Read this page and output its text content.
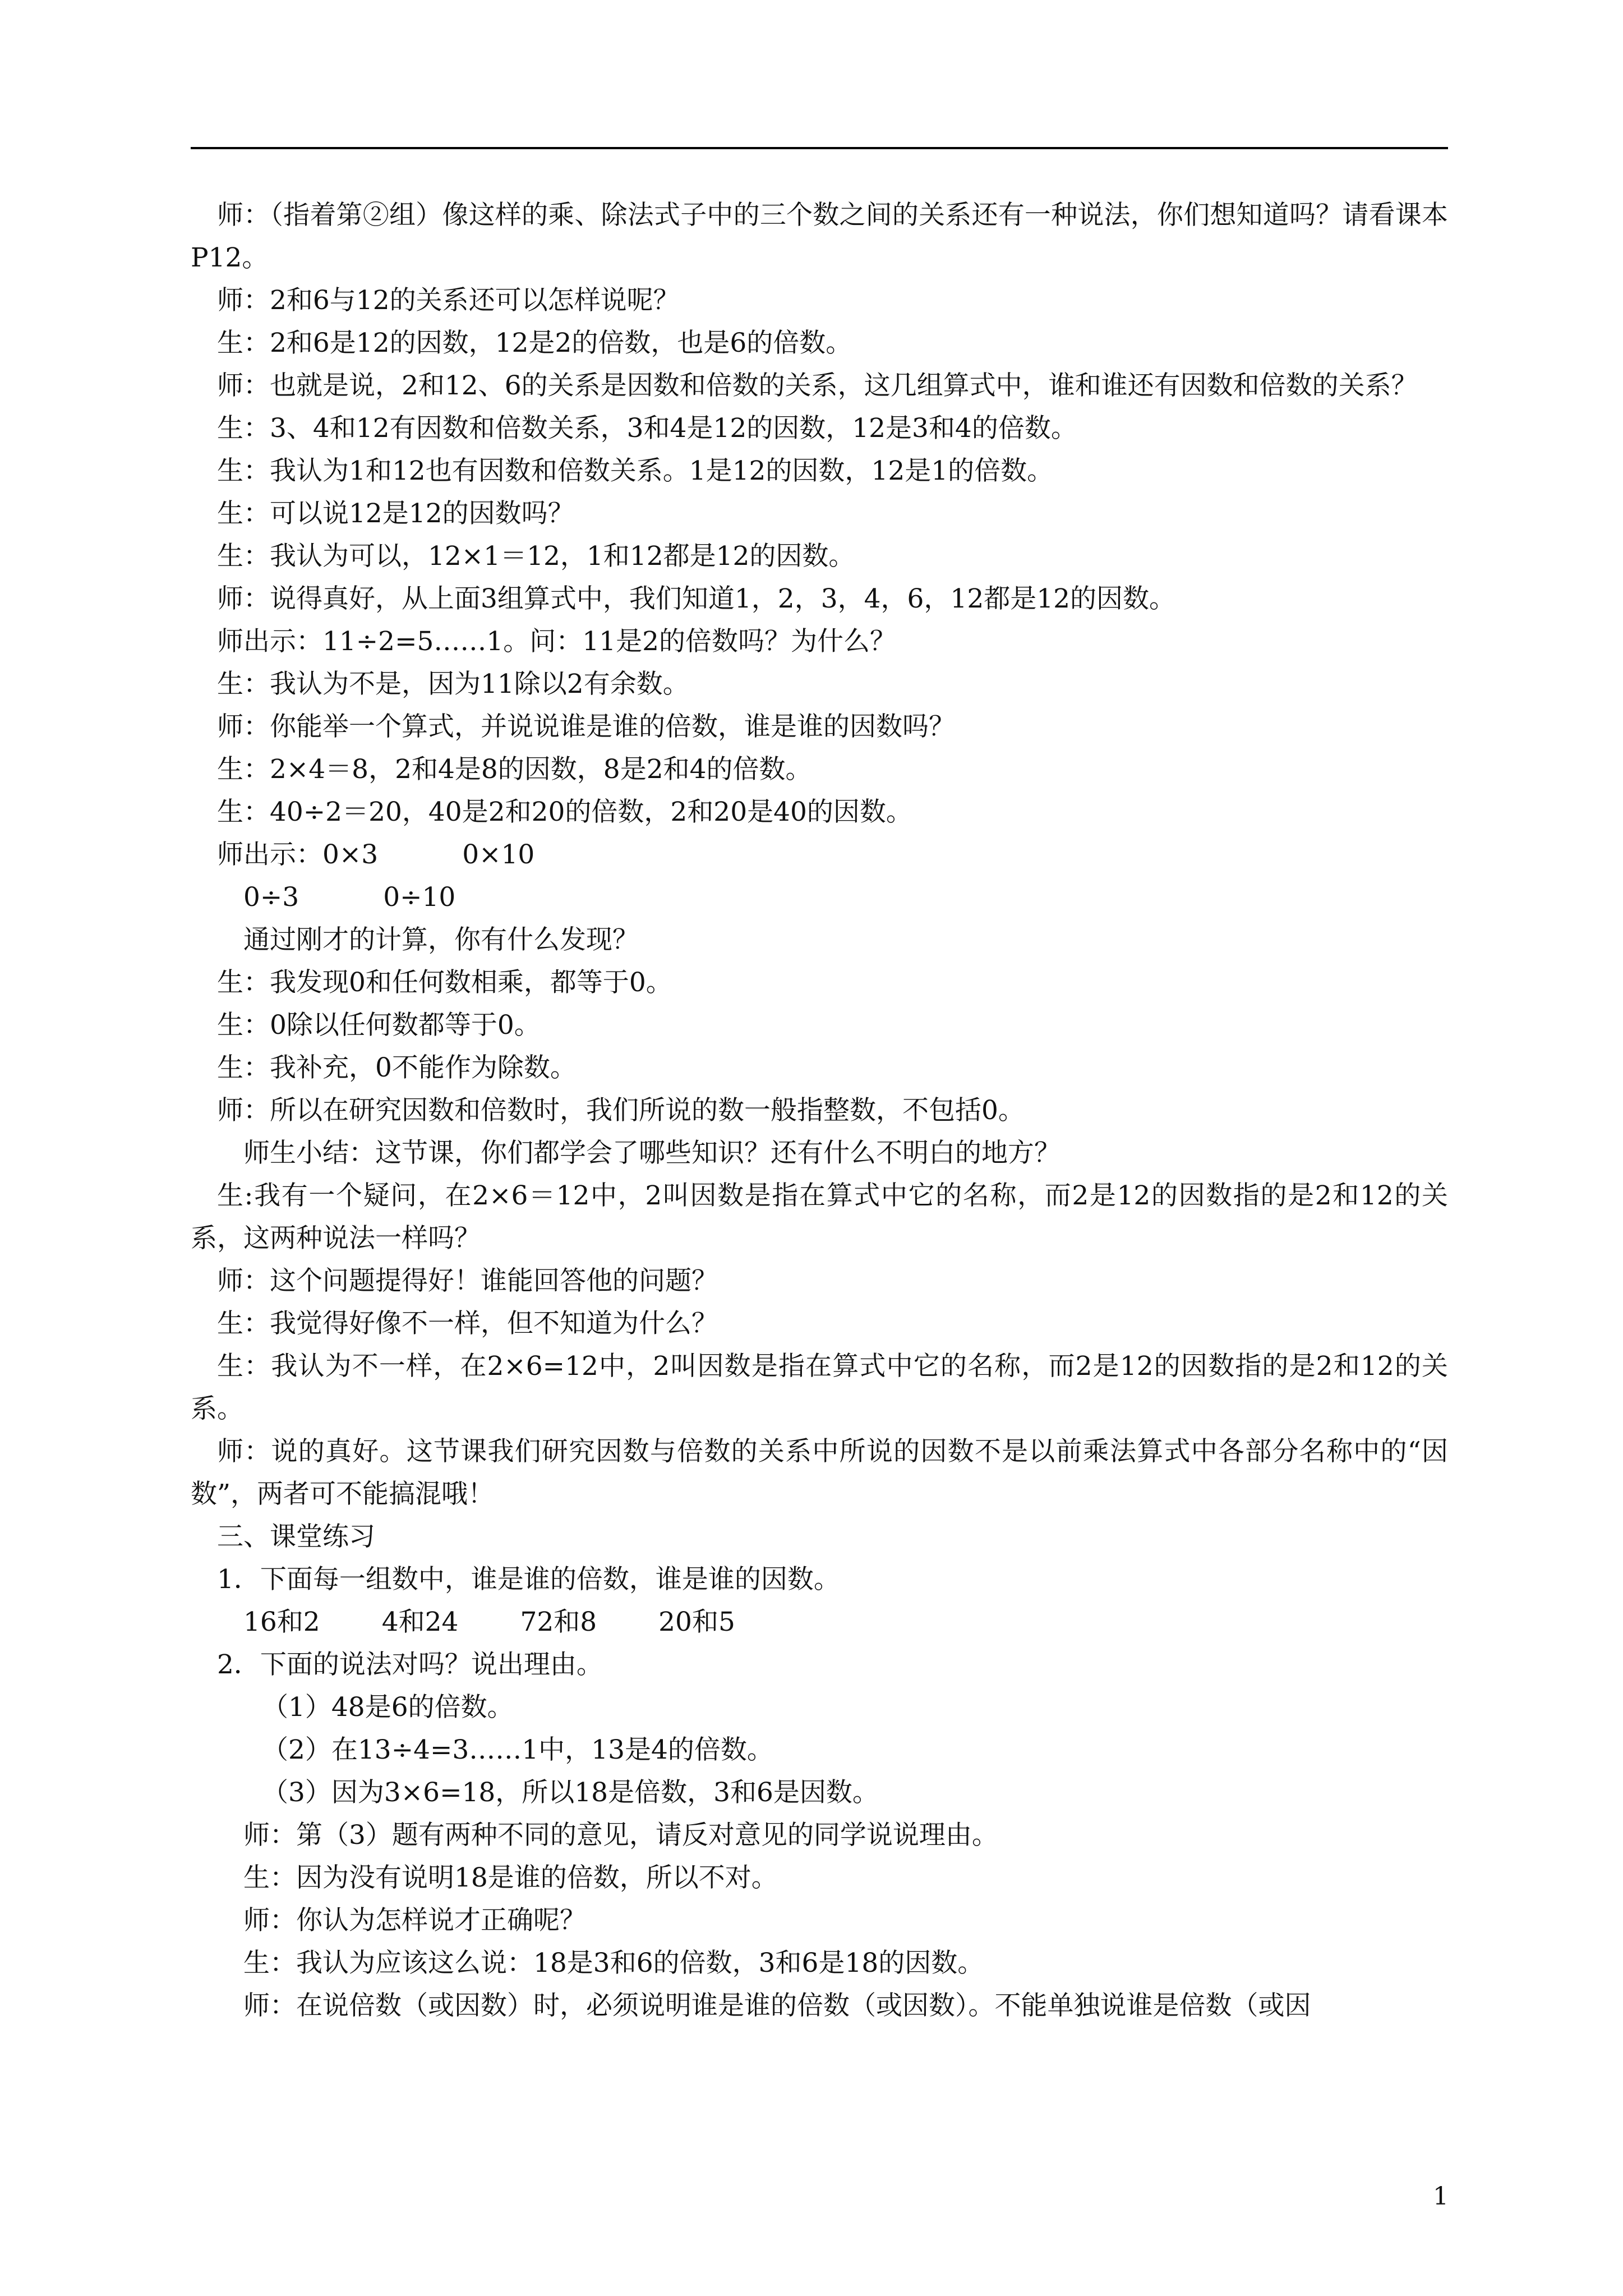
师：（指着第②组）像这样的乘、除法式子中的三个数之间的关系还有一种说法，你们想知道吗？请看课本P12。

师：2和6与12的关系还可以怎样说呢？

生：2和6是12的因数，12是2的倍数，也是6的倍数。

师：也就是说，2和12、6的关系是因数和倍数的关系，这几组算式中，谁和谁还有因数和倍数的关系？

生：3、4和12有因数和倍数关系，3和4是12的因数，12是3和4的倍数。

生：我认为1和12也有因数和倍数关系。1是12的因数，12是1的倍数。

生：可以说12是12的因数吗？

生：我认为可以，12×1＝12，1和12都是12的因数。

师：说得真好，从上面3组算式中，我们知道1，2，3，4，6，12都是12的因数。

师出示：11÷2=5……1。问：11是2的倍数吗？为什么？

生：我认为不是，因为11除以2有余数。

师：你能举一个算式，并说说谁是谁的倍数，谁是谁的因数吗？

生：2×4＝8，2和4是8的因数，8是2和4的倍数。

生：40÷2＝20，40是2和20的倍数，2和20是40的因数。

师出示：0×3	0×10

0÷3	0÷10

通过刚才的计算，你有什么发现？

生：我发现0和任何数相乘，都等于0。

生：0除以任何数都等于0。

生：我补充，0不能作为除数。

师：所以在研究因数和倍数时，我们所说的数一般指整数，不包括0。

师生小结：这节课，你们都学会了哪些知识？还有什么不明白的地方？

生:我有一个疑问，在2×6＝12中，2叫因数是指在算式中它的名称，而2是12的因数指的是2和12的关系，这两种说法一样吗？

师：这个问题提得好！谁能回答他的问题？

生：我觉得好像不一样，但不知道为什么？

生：我认为不一样，在2×6=12中，2叫因数是指在算式中它的名称，而2是12的因数指的是2和12的关系。

师：说的真好。这节课我们研究因数与倍数的关系中所说的因数不是以前乘法算式中各部分名称中的“因数”，两者可不能搞混哦！

三、课堂练习

1．下面每一组数中，谁是谁的倍数，谁是谁的因数。

16和2 4和24 72和8 20和5

2．下面的说法对吗？说出理由。

（1）48是6的倍数。

（2）在13÷4=3……1中，13是4的倍数。

（3）因为3×6=18，所以18是倍数，3和6是因数。

师：第（3）题有两种不同的意见，请反对意见的同学说说理由。

生：因为没有说明18是谁的倍数，所以不对。

师：你认为怎样说才正确呢？

生：我认为应该这么说：18是3和6的倍数，3和6是18的因数。

师：在说倍数（或因数）时，必须说明谁是谁的倍数（或因数）。不能单独说谁是倍数（或因

1
